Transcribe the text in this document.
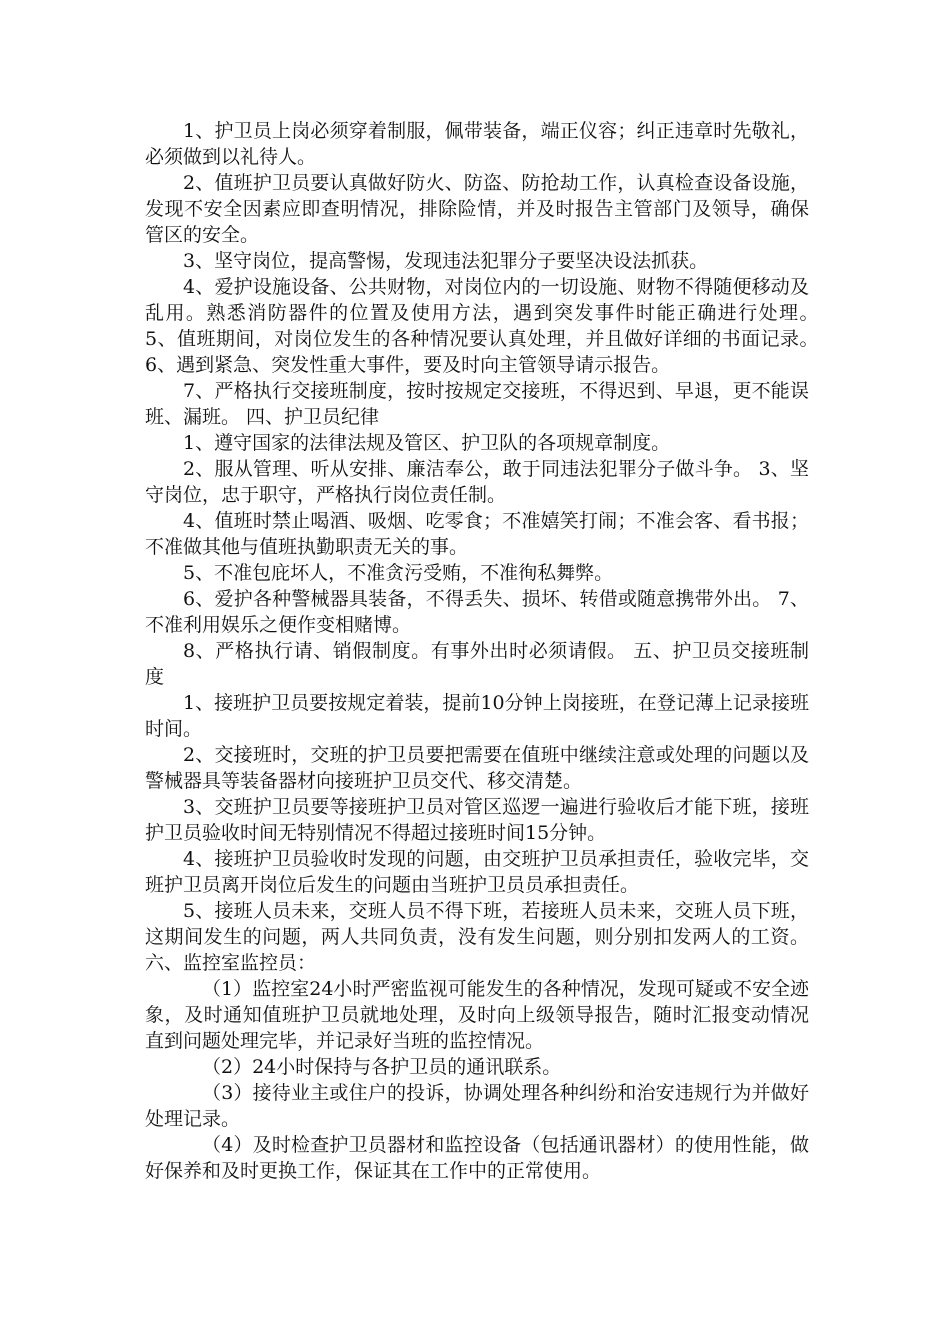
1、护卫员上岗必须穿着制服，佩带装备，端正仪容；纠正违章时先敬礼，必须做到以礼待人。

2、值班护卫员要认真做好防火、防盗、防抢劫工作，认真检查设备设施，发现不安全因素应即查明情况，排除险情，并及时报告主管部门及领导，确保管区的安全。

3、坚守岗位，提高警惕，发现违法犯罪分子要坚决设法抓获。

4、爱护设施设备、公共财物，对岗位内的一切设施、财物不得随便移动及乱用。熟悉消防器件的位置及使用方法，遇到突发事件时能正确进行处理。　5、值班期间，对岗位发生的各种情况要认真处理，并且做好详细的书面记录。　6、遇到紧急、突发性重大事件，要及时向主管领导请示报告。

7、严格执行交接班制度，按时按规定交接班，不得迟到、早退，更不能误班、漏班。 四、护卫员纪律

1、遵守国家的法律法规及管区、护卫队的各项规章制度。

2、服从管理、听从安排、廉洁奉公，敢于同违法犯罪分子做斗争。 3、坚守岗位，忠于职守，严格执行岗位责任制。

4、值班时禁止喝酒、吸烟、吃零食；不准嬉笑打闹；不准会客、看书报；不准做其他与值班执勤职责无关的事。

5、不准包庇坏人，不准贪污受贿，不准徇私舞弊。

6、爱护各种警械器具装备，不得丢失、损坏、转借或随意携带外出。 7、不准利用娱乐之便作变相赌博。

8、严格执行请、销假制度。有事外出时必须请假。 五、护卫员交接班制度

1、接班护卫员要按规定着装，提前10分钟上岗接班，在登记薄上记录接班时间。

2、交接班时，交班的护卫员要把需要在值班中继续注意或处理的问题以及警械器具等装备器材向接班护卫员交代、移交清楚。

3、交班护卫员要等接班护卫员对管区巡逻一遍进行验收后才能下班，接班护卫员验收时间无特别情况不得超过接班时间15分钟。

4、接班护卫员验收时发现的问题，由交班护卫员承担责任，验收完毕，交班护卫员离开岗位后发生的问题由当班护卫员员承担责任。

5、接班人员未来，交班人员不得下班，若接班人员未来，交班人员下班，这期间发生的问题，两人共同负责，没有发生问题，则分别扣发两人的工资。 六、监控室监控员：

（1）监控室24小时严密监视可能发生的各种情况，发现可疑或不安全迹象，及时通知值班护卫员就地处理，及时向上级领导报告，随时汇报变动情况直到问题处理完毕，并记录好当班的监控情况。

（2）24小时保持与各护卫员的通讯联系。

（3）接待业主或住户的投诉，协调处理各种纠纷和治安违规行为并做好处理记录。

（4）及时检查护卫员器材和监控设备（包括通讯器材）的使用性能，做好保养和及时更换工作，保证其在工作中的正常使用。
